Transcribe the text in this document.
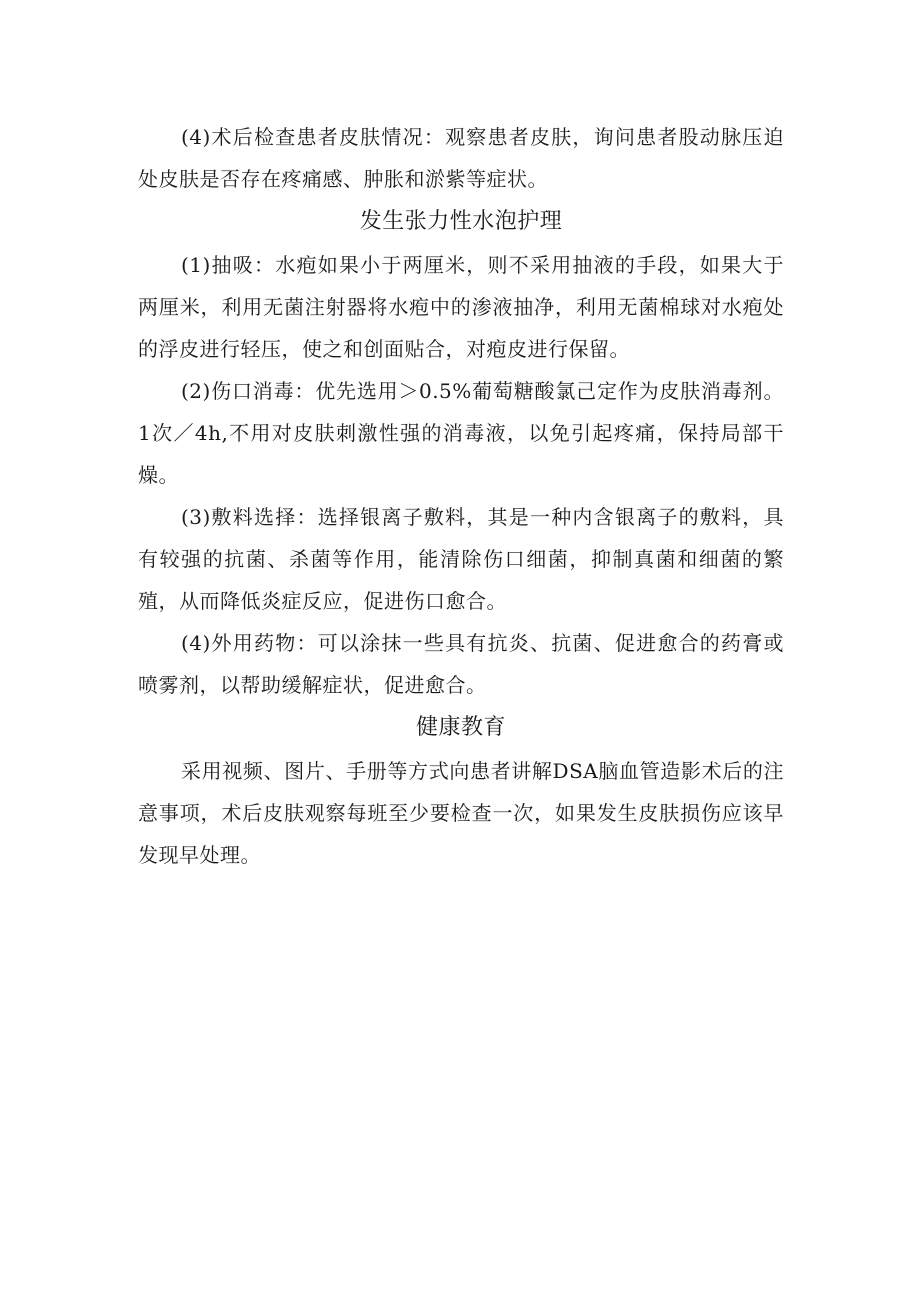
(4)术后检查患者皮肤情况：观察患者皮肤，询问患者股动脉压迫处皮肤是否存在疼痛感、肿胀和淤紫等症状。

发生张力性水泡护理

(1)抽吸：水疱如果小于两厘米，则不采用抽液的手段，如果大于两厘米，利用无菌注射器将水疱中的渗液抽净，利用无菌棉球对水疱处的浮皮进行轻压，使之和创面贴合，对疱皮进行保留。

(2)伤口消毒：优先选用＞0.5%葡萄糖酸氯己定作为皮肤消毒剂。1次／4h,不用对皮肤刺激性强的消毒液，以免引起疼痛，保持局部干燥。

(3)敷料选择：选择银离子敷料，其是一种内含银离子的敷料，具有较强的抗菌、杀菌等作用，能清除伤口细菌，抑制真菌和细菌的繁殖，从而降低炎症反应，促进伤口愈合。

(4)外用药物：可以涂抹一些具有抗炎、抗菌、促进愈合的药膏或喷雾剂，以帮助缓解症状，促进愈合。

健康教育

采用视频、图片、手册等方式向患者讲解DSA脑血管造影术后的注意事项，术后皮肤观察每班至少要检查一次，如果发生皮肤损伤应该早发现早处理。
